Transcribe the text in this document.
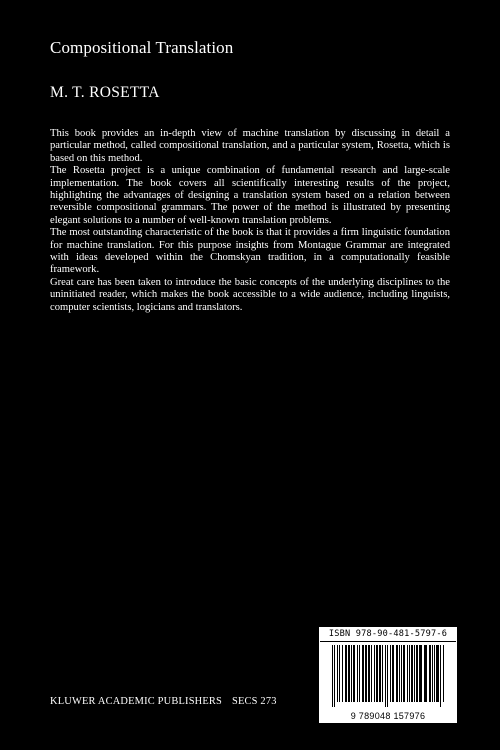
Compositional Translation
M. T. ROSETTA

This book provides an in-depth view of machine translation by discussing in detail a particular method, called compositional translation, and a particular system, Rosetta, which is based on this method.

The Rosetta project is a unique combination of fundamental research and large-scale implementation. The book covers all scientifically interesting results of the project, highlighting the advantages of designing a translation system based on a relation between reversible compositional grammars. The power of the method is illustrated by presenting elegant solutions to a number of well-known translation problems.

The most outstanding characteristic of the book is that it provides a firm linguistic foundation for machine translation. For this purpose insights from Montague Grammar are integrated with ideas developed within the Chomskyan tradition, in a computationally feasible framework.

Great care has been taken to introduce the basic concepts of the underlying disciplines to the uninitiated reader, which makes the book accessible to a wide audience, including linguists, computer scientists, logicians and translators.

ISBN 978-90-481-5797-6
9 789048 157976
KLUWER ACADEMIC PUBLISHERS SECS 273
